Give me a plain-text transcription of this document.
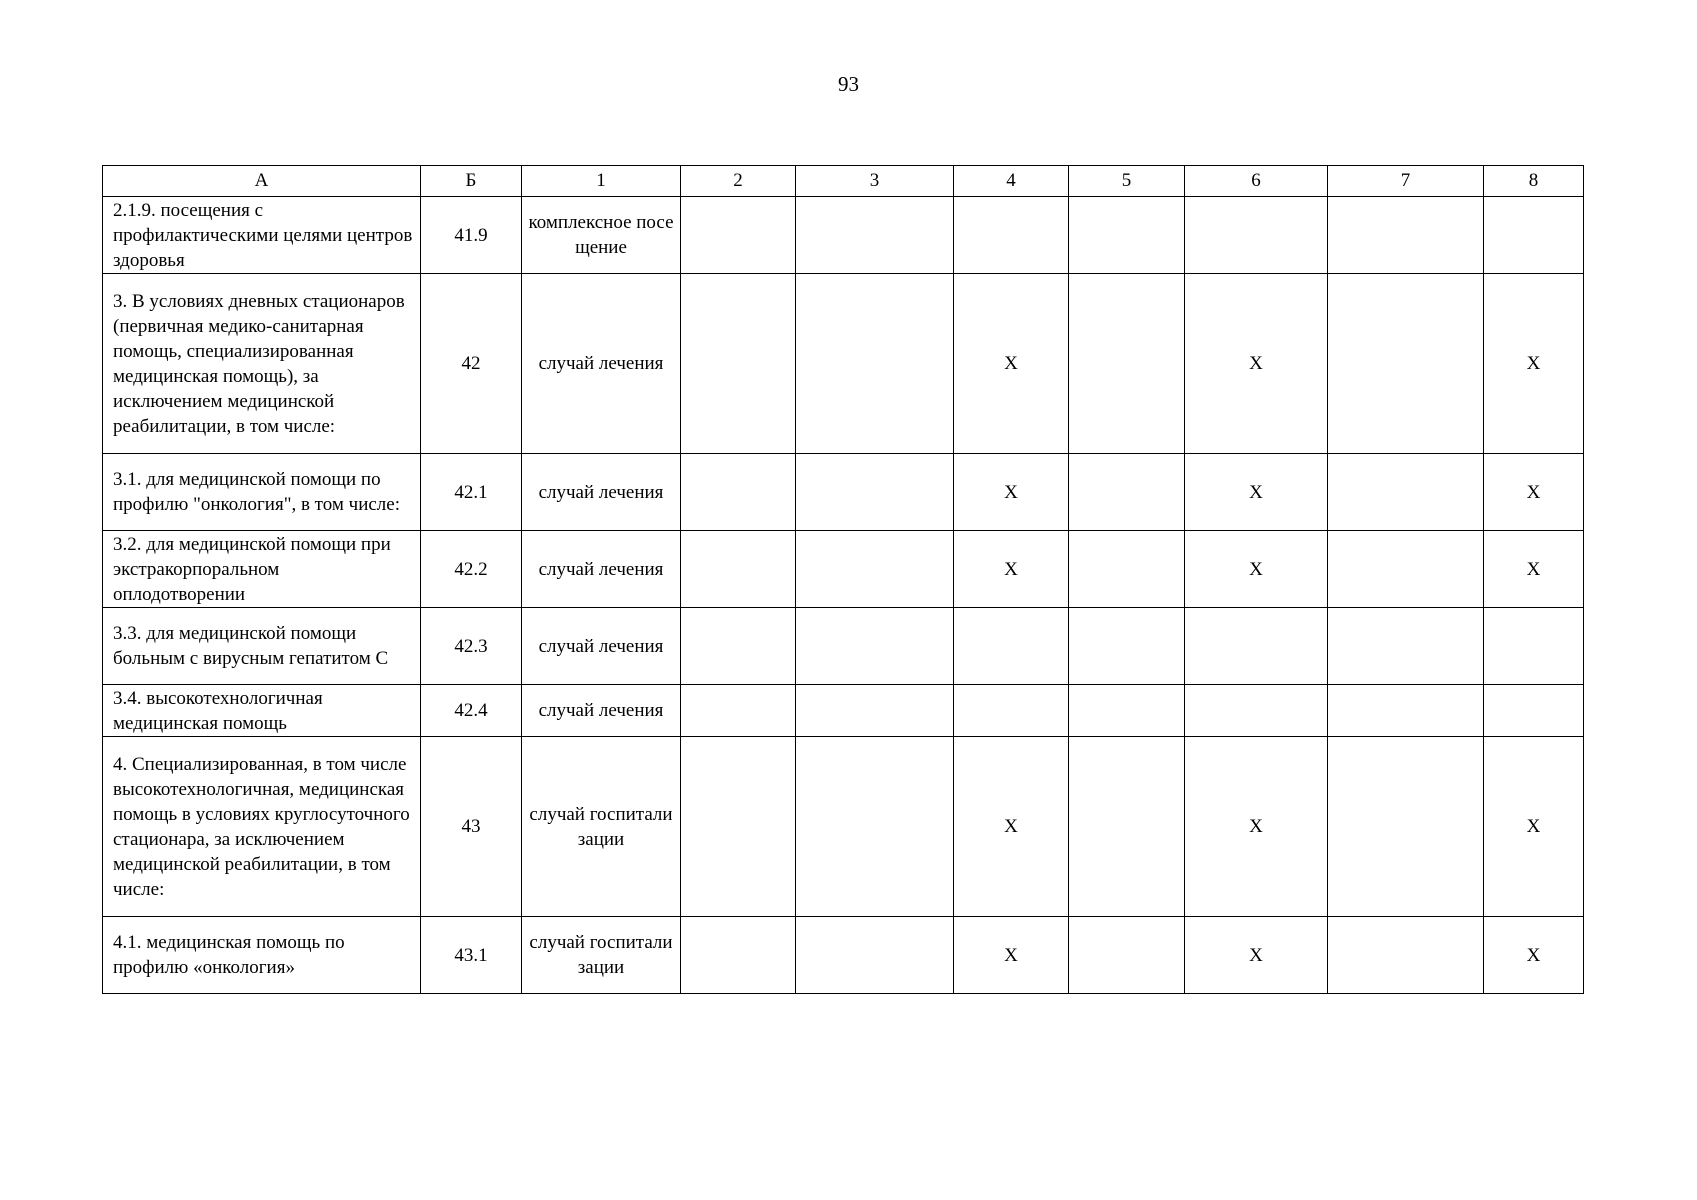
93
А	Б	1	2	3	4	5	6	7	8
2.1.9. посещения с профилактическими целями центров здоровья	41.9	комплексное посещение							
3. В условиях дневных стационаров (первичная медико-санитарная помощь, специализированная медицинская помощь), за исключением медицинской реабилитации, в том числе:	42	случай лечения			Х		Х		Х
3.1. для медицинской помощи по профилю "онкология", в том числе:	42.1	случай лечения			Х		Х		Х
3.2. для медицинской помощи при экстракорпоральном оплодотворении	42.2	случай лечения			Х		Х		Х
3.3. для медицинской помощи больным с вирусным гепатитом С	42.3	случай лечения							
3.4. высокотехнологичная медицинская помощь	42.4	случай лечения							
4. Специализированная, в том числе высокотехнологичная, медицинская помощь в условиях круглосуточного стационара, за исключением медицинской реабилитации, в том числе:	43	случай госпитализации			Х		Х		Х
4.1. медицинская помощь по профилю «онкология»	43.1	случай госпитализации			Х		Х		Х
